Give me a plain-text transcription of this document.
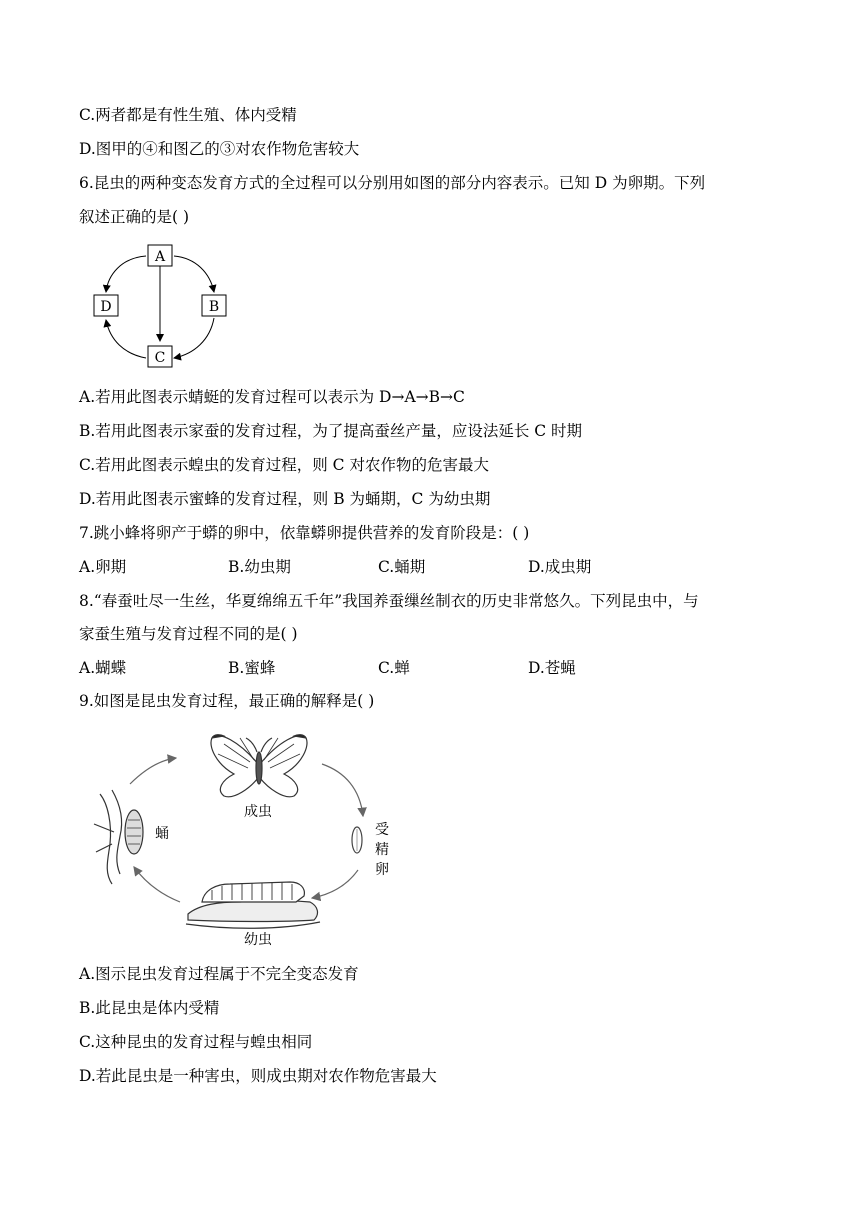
C.两者都是有性生殖、体内受精
D.图甲的④和图乙的③对农作物危害较大
6.昆虫的两种变态发育方式的全过程可以分别用如图的部分内容表示。已知 D 为卵期。下列
叙述正确的是( )
A
B
C
D
A.若用此图表示蜻蜓的发育过程可以表示为 D→A→B→C
B.若用此图表示家蚕的发育过程，为了提高蚕丝产量，应设法延长 C 时期
C.若用此图表示蝗虫的发育过程，则 C 对农作物的危害最大
D.若用此图表示蜜蜂的发育过程，则 B 为蛹期，C 为幼虫期
7.跳小蜂将卵产于蟒的卵中，依靠蟒卵提供营养的发育阶段是：( )
A.卵期	B.幼虫期	C.蛹期	D.成虫期
8.“春蚕吐尽一生丝，华夏绵绵五千年”我国养蚕缫丝制衣的历史非常悠久。下列昆虫中，与
家蚕生殖与发育过程不同的是( )
A.蝴蝶	B.蜜蜂	C.蝉	D.苍蝇
9.如图是昆虫发育过程，最正确的解释是( )
成虫
受
精
卵
幼虫
蛹
A.图示昆虫发育过程属于不完全变态发育
B.此昆虫是体内受精
C.这种昆虫的发育过程与蝗虫相同
D.若此昆虫是一种害虫，则成虫期对农作物危害最大
